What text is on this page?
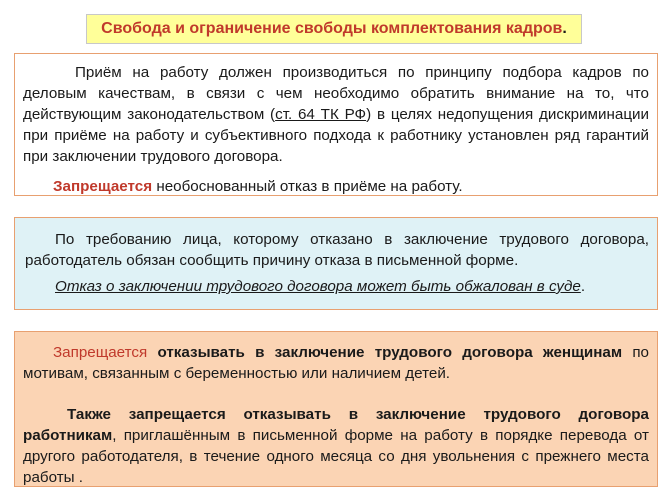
Свобода и ограничение свободы комплектования кадров.

Приём на работу должен производиться по принципу подбора кадров по деловым качествам, в связи с чем необходимо обратить внимание на то, что действующим законодательством (ст. 64 ТК РФ) в целях недопущения дискриминации при приёме на работу и субъективного подхода к работнику установлен ряд гарантий при заключении трудового договора.

Запрещается необоснованный отказ в приёме на работу.

По требованию лица, которому отказано в заключение трудового договора, работодатель обязан сообщить причину отказа в письменной форме.

Отказ о заключении трудового договора может быть обжалован в суде.

Запрещается отказывать в заключение трудового договора женщинам по мотивам, связанным с беременностью или наличием детей.

Также запрещается отказывать в заключение трудового договора работникам, приглашённым в письменной форме на работу в порядке перевода от другого работодателя, в течение одного месяца со дня увольнения с прежнего места работы .
